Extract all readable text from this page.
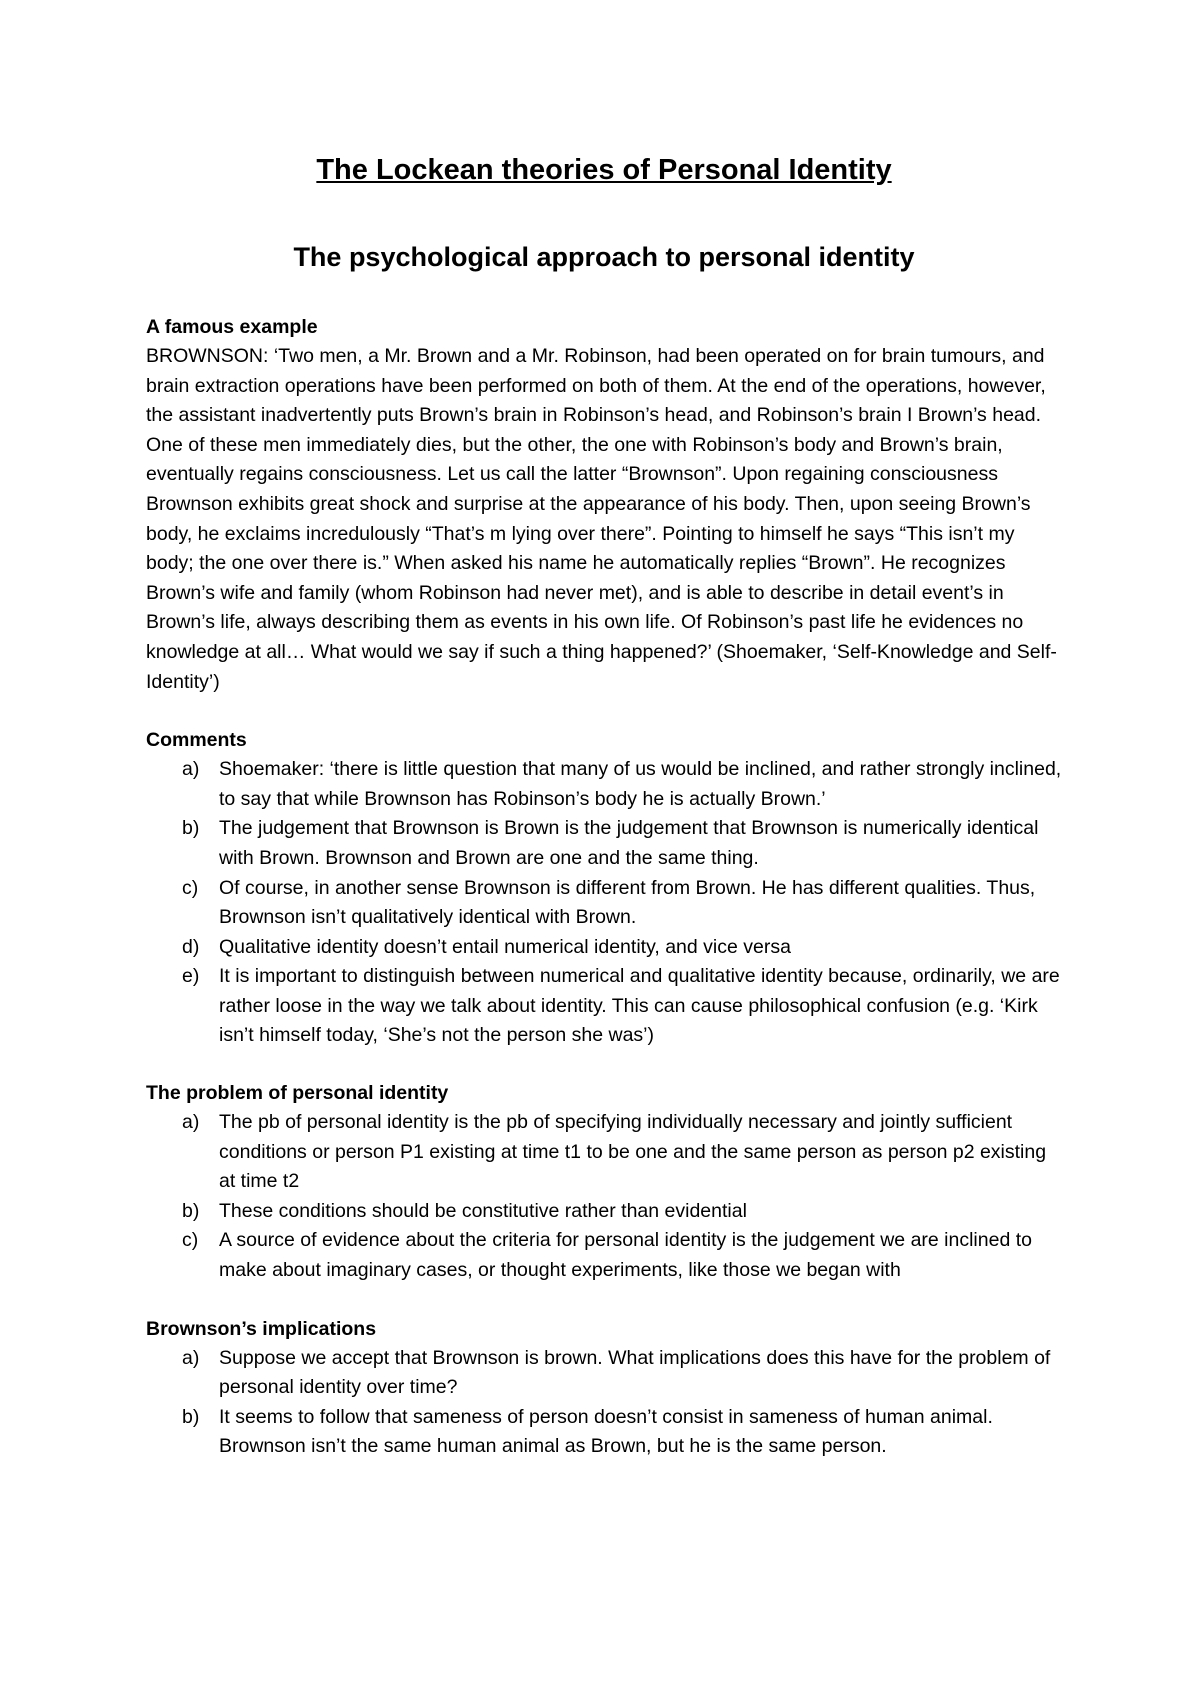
The Lockean theories of Personal Identity
The psychological approach to personal identity

A famous example

BROWNSON: ‘Two men, a Mr. Brown and a Mr. Robinson, had been operated on for brain tumours, and brain extraction operations have been performed on both of them. At the end of the operations, however, the assistant inadvertently puts Brown’s brain in Robinson’s head, and Robinson’s brain I Brown’s head. One of these men immediately dies, but the other, the one with Robinson’s body and Brown’s brain, eventually regains consciousness. Let us call the latter “Brownson”. Upon regaining consciousness Brownson exhibits great shock and surprise at the appearance of his body. Then, upon seeing Brown’s body, he exclaims incredulously “That’s m lying over there”. Pointing to himself he says “This isn’t my body; the one over there is.” When asked his name he automatically replies “Brown”. He recognizes Brown’s wife and family (whom Robinson had never met), and is able to describe in detail event’s in Brown’s life, always describing them as events in his own life. Of Robinson’s past life he evidences no knowledge at all… What would we say if such a thing happened?’ (Shoemaker, ‘Self-Knowledge and Self-Identity’)

Comments

a) Shoemaker: ‘there is little question that many of us would be inclined, and rather strongly inclined, to say that while Brownson has Robinson’s body he is actually Brown.’
b) The judgement that Brownson is Brown is the judgement that Brownson is numerically identical with Brown. Brownson and Brown are one and the same thing.
c) Of course, in another sense Brownson is different from Brown. He has different qualities. Thus, Brownson isn’t qualitatively identical with Brown.
d) Qualitative identity doesn’t entail numerical identity, and vice versa
e) It is important to distinguish between numerical and qualitative identity because, ordinarily, we are rather loose in the way we talk about identity. This can cause philosophical confusion (e.g. ‘Kirk isn’t himself today, ‘She’s not the person she was’)

The problem of personal identity

a) The pb of personal identity is the pb of specifying individually necessary and jointly sufficient conditions or person P1 existing at time t1 to be one and the same person as person p2 existing at time t2
b) These conditions should be constitutive rather than evidential
c) A source of evidence about the criteria for personal identity is the judgement we are inclined to make about imaginary cases, or thought experiments, like those we began with

Brownson’s implications

a) Suppose we accept that Brownson is brown. What implications does this have for the problem of personal identity over time?
b) It seems to follow that sameness of person doesn’t consist in sameness of human animal. Brownson isn’t the same human animal as Brown, but he is the same person.
